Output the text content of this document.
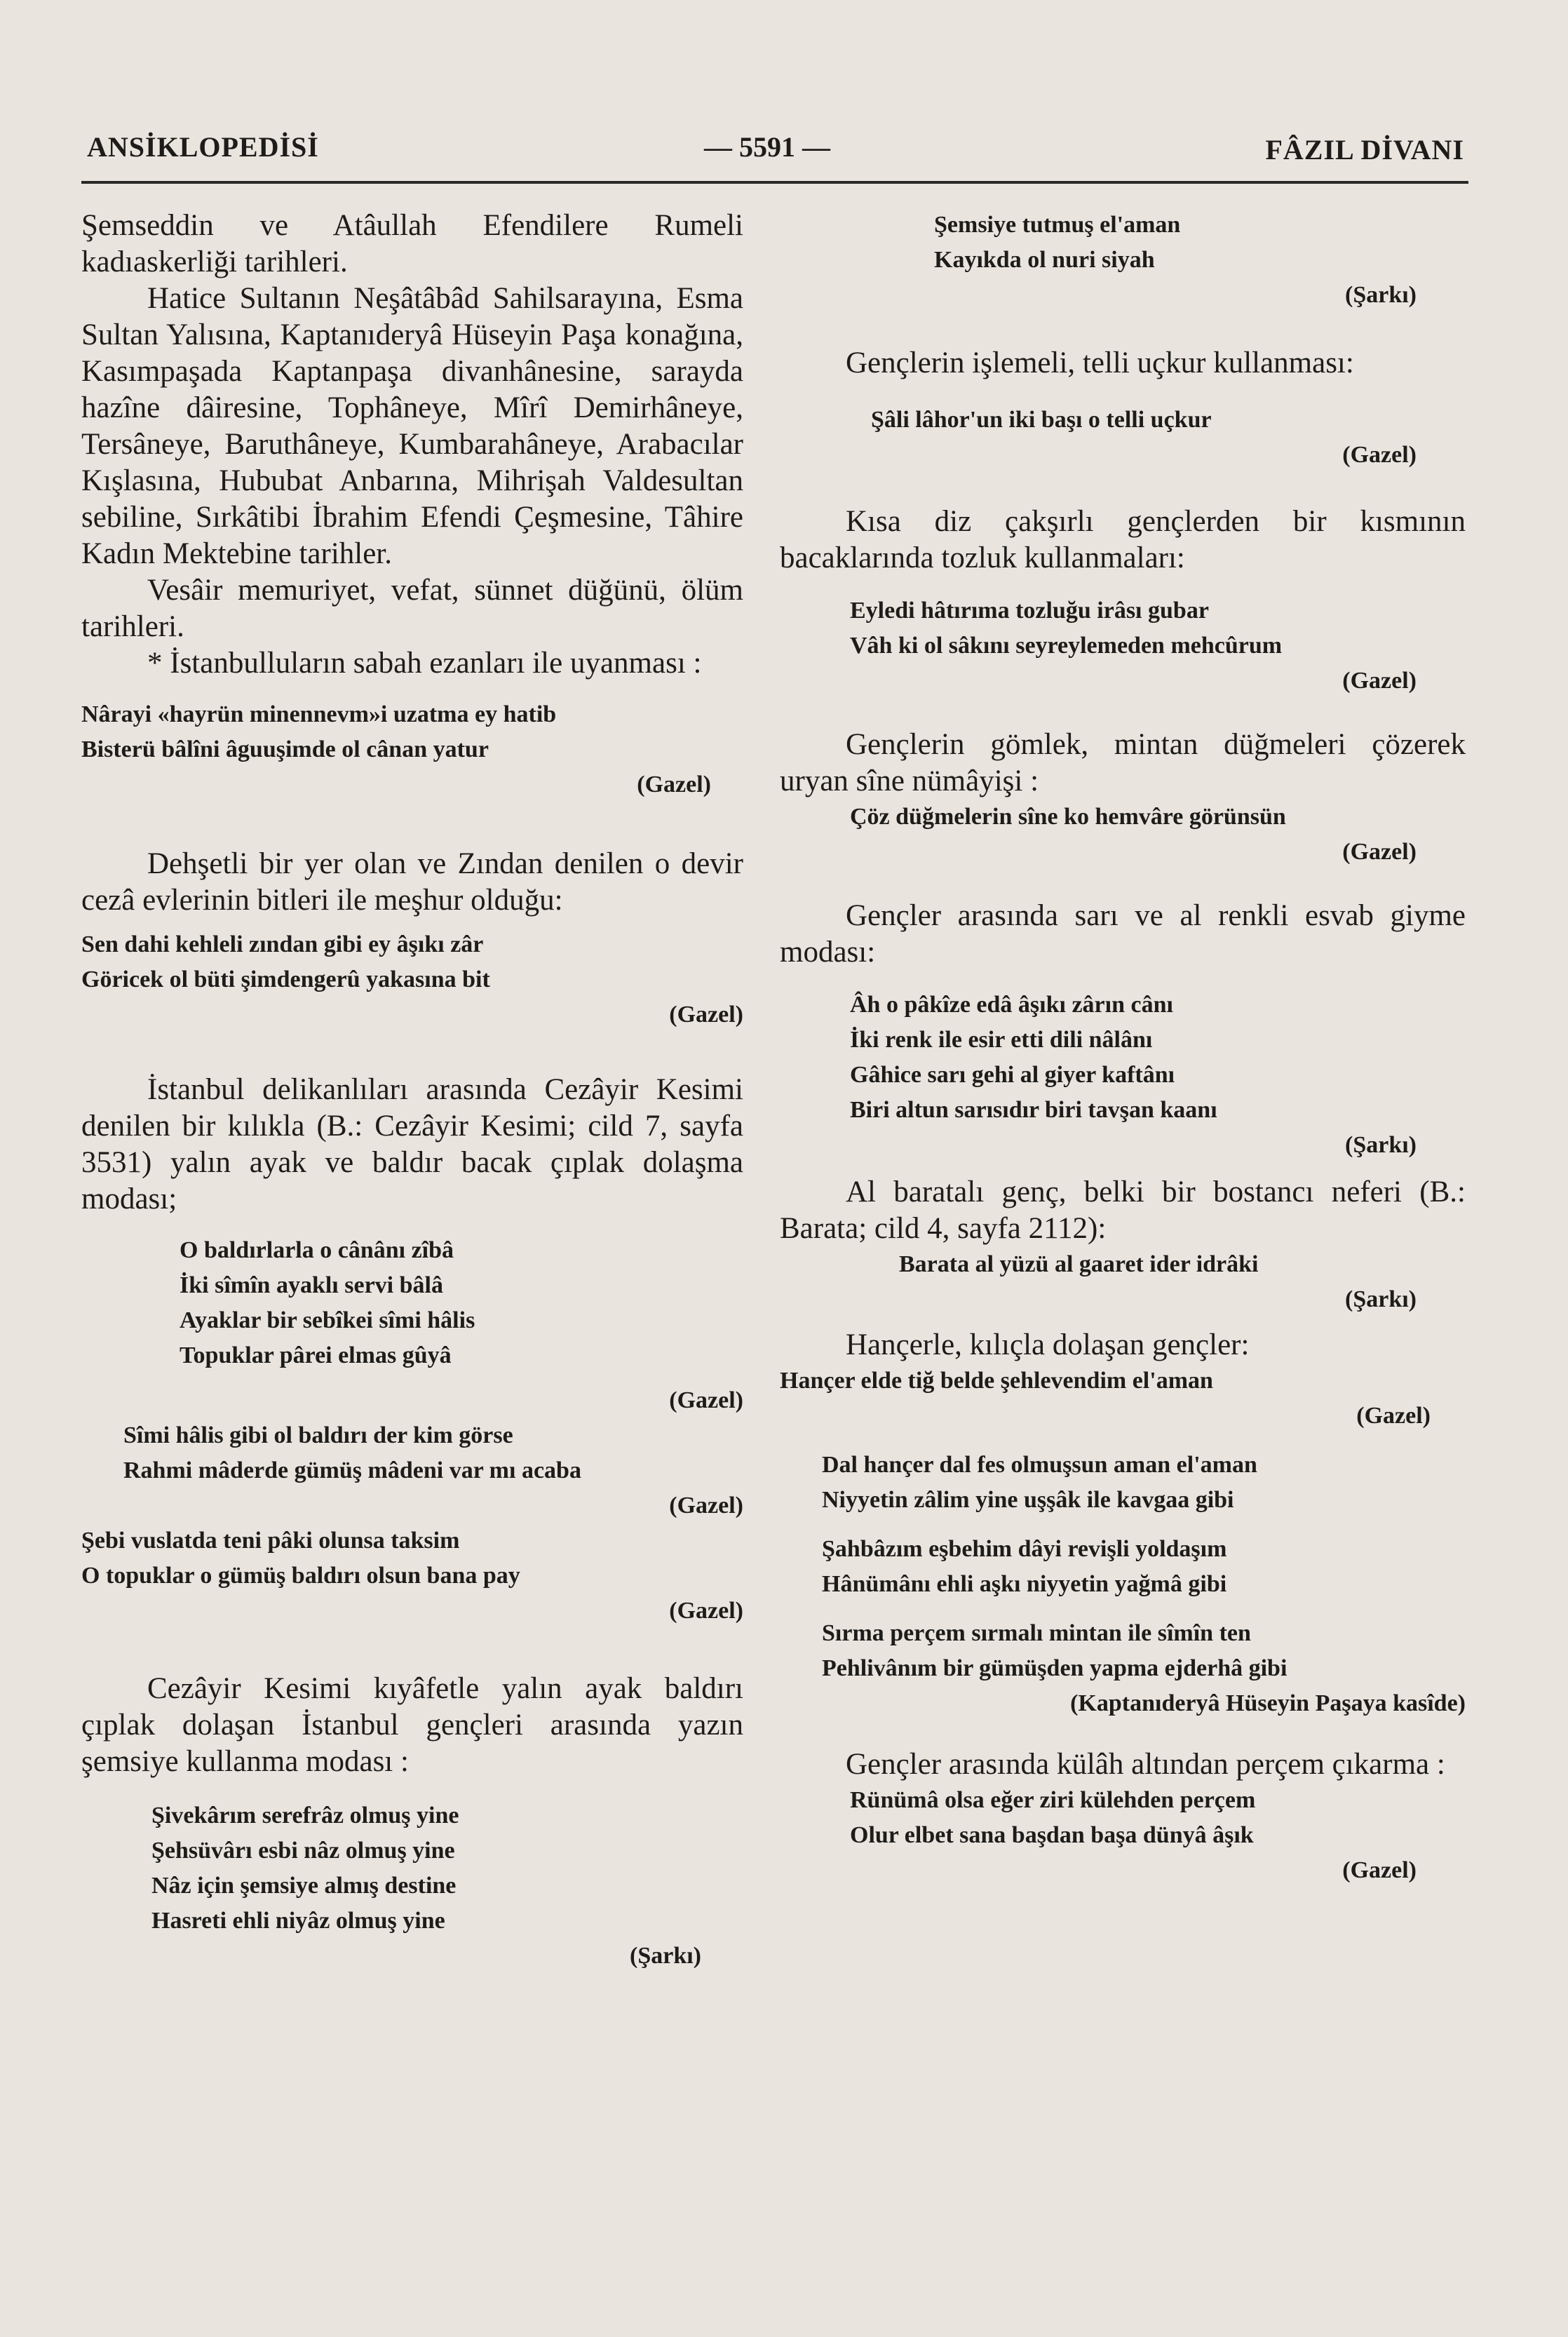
ANSİKLOPEDİSİ	— 5591 —	FÂZIL DİVANI

Şemseddin ve Atâullah Efendilere Rumeli kadıaskerliği tarihleri.

Hatice Sultanın Neşâtâbâd Sahilsarayına, Esma Sultan Yalısına, Kaptanıderyâ Hüseyin Paşa konağına, Kasımpaşada Kaptanpaşa divanhânesine, sarayda hazîne dâiresine, Tophâneye, Mîrî Demirhâneye, Tersâneye, Baruthâneye, Kumbarahâneye, Arabacılar Kışlasına, Hububat Anbarına, Mihrişah Valdesultan sebiline, Sırkâtibi İbrahim Efendi Çeşmesine, Tâhire Kadın Mektebine tarihler.

Vesâir memuriyet, vefat, sünnet düğünü, ölüm tarihleri.

* İstanbulluların sabah ezanları ile uyanması :

Nârayi «hayrün minennevm»i uzatma ey hatib

Bisterü bâlîni âguuşimde ol cânan yatur

(Gazel)

Dehşetli bir yer olan ve Zından denilen o devir cezâ evlerinin bitleri ile meşhur olduğu:

Sen dahi kehleli zından gibi ey âşıkı zâr

Göricek ol büti şimdengerû yakasına bit

(Gazel)

İstanbul delikanlıları arasında Cezâyir Kesimi denilen bir kılıkla (B.: Cezâyir Kesimi; cild 7, sayfa 3531) yalın ayak ve baldır bacak çıplak dolaşma modası;

O baldırlarla o cânânı zîbâ

İki sîmîn ayaklı servi bâlâ

Ayaklar bir sebîkei sîmi hâlis

Topuklar pârei elmas gûyâ

(Gazel)

Sîmi hâlis gibi ol baldırı der kim görse

Rahmi mâderde gümüş mâdeni var mı acaba

(Gazel)

Şebi vuslatda teni pâki olunsa taksim

O topuklar o gümüş baldırı olsun bana pay

(Gazel)

Cezâyir Kesimi kıyâfetle yalın ayak baldırı çıplak dolaşan İstanbul gençleri arasında yazın şemsiye kullanma modası :

Şivekârım serefrâz olmuş yine

Şehsüvârı esbi nâz olmuş yine

Nâz için şemsiye almış destine

Hasreti ehli niyâz olmuş yine

(Şarkı)

Şemsiye tutmuş el'aman

Kayıkda ol nuri siyah

(Şarkı)

Gençlerin işlemeli, telli uçkur kullanması:

Şâli lâhor'un iki başı o telli uçkur

(Gazel)

Kısa diz çakşırlı gençlerden bir kısmının bacaklarında tozluk kullanmaları:

Eyledi hâtırıma tozluğu irâsı gubar

Vâh ki ol sâkını seyreylemeden mehcûrum

(Gazel)

Gençlerin gömlek, mintan düğmeleri çözerek uryan sîne nümâyişi :

Çöz düğmelerin sîne ko hemvâre görünsün

(Gazel)

Gençler arasında sarı ve al renkli esvab giyme modası:

Âh o pâkîze edâ âşıkı zârın cânı

İki renk ile esir etti dili nâlânı

Gâhice sarı gehi al giyer kaftânı

Biri altun sarısıdır biri tavşan kaanı

(Şarkı)

Al baratalı genç, belki bir bostancı neferi (B.: Barata; cild 4, sayfa 2112):

Barata al yüzü al gaaret ider idrâki

(Şarkı)

Hançerle, kılıçla dolaşan gençler:

Hançer elde tiğ belde şehlevendim el'aman

(Gazel)

Dal hançer dal fes olmuşsun aman el'aman

Niyyetin zâlim yine uşşâk ile kavgaa gibi

Şahbâzım eşbehim dâyi revişli yoldaşım

Hânümânı ehli aşkı niyyetin yağmâ gibi

Sırma perçem sırmalı mintan ile sîmîn ten

Pehlivânım bir gümüşden yapma ejderhâ gibi

(Kaptanıderyâ Hüseyin Paşaya kasîde)

Gençler arasında külâh altından perçem çıkarma :

Rünümâ olsa eğer ziri külehden perçem

Olur elbet sana başdan başa dünyâ âşık

(Gazel)
